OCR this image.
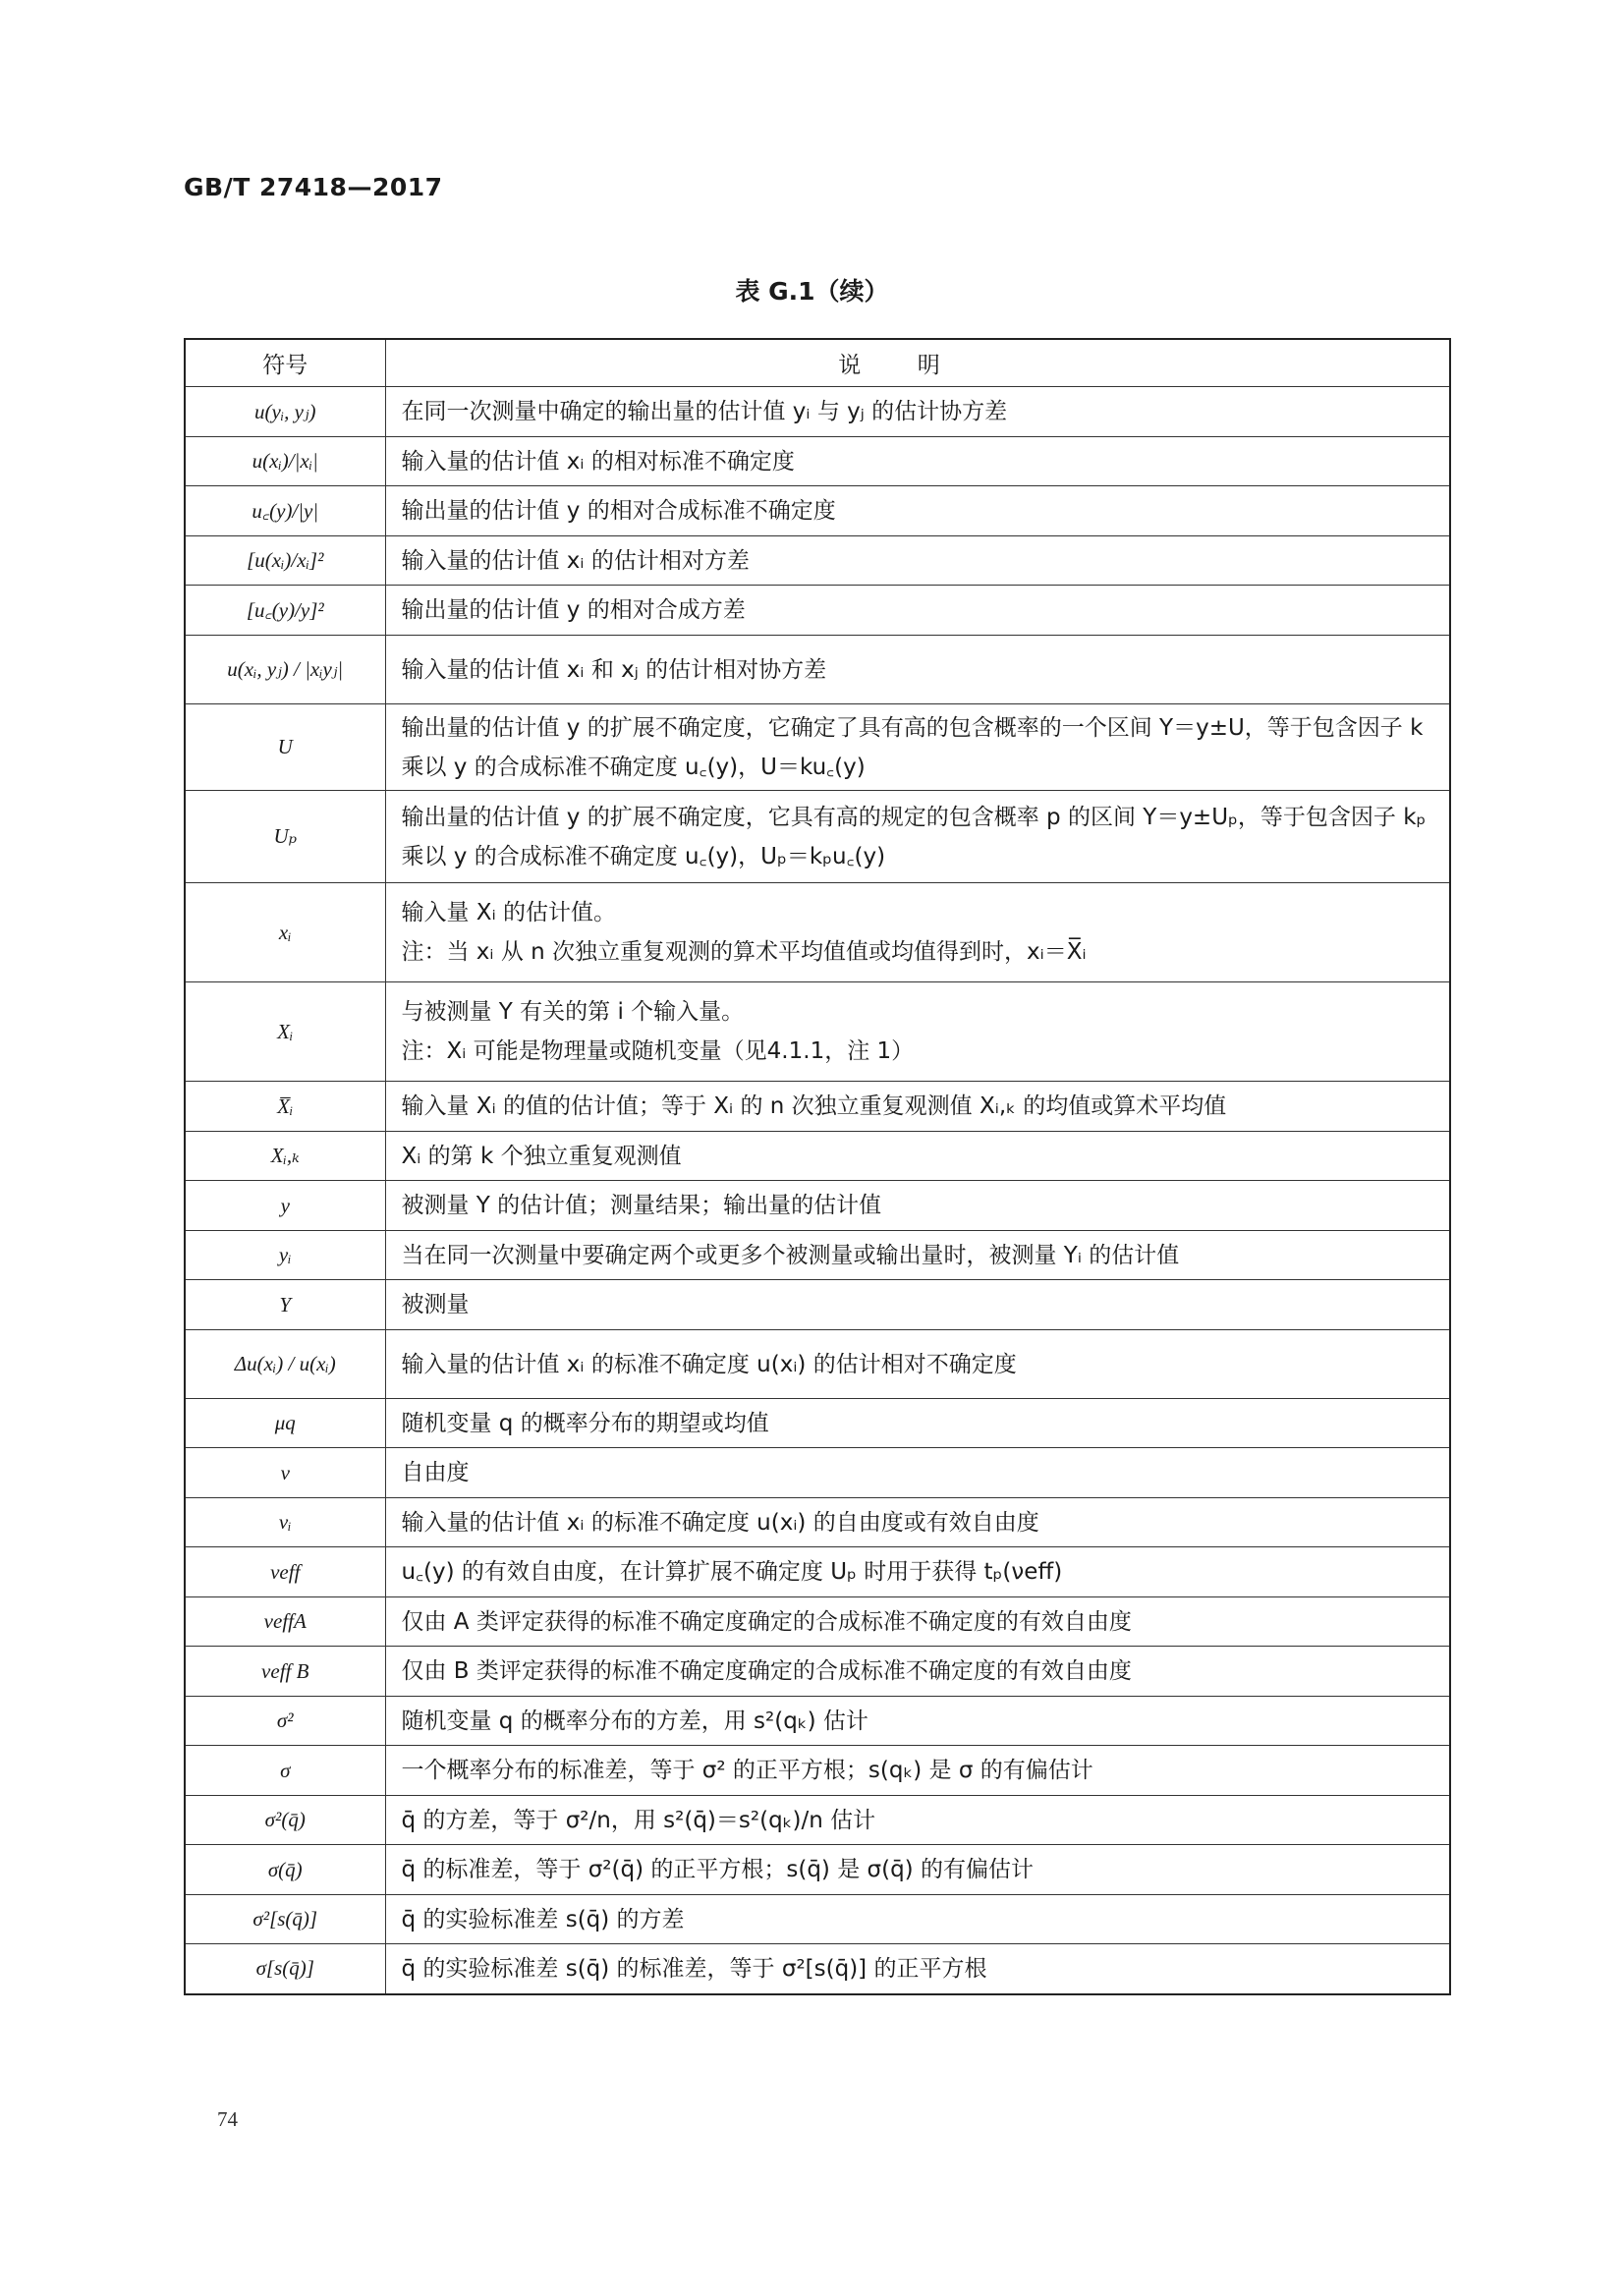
GB/T 27418—2017
表 G.1（续）
符号	说明
u(yᵢ, yⱼ)	在同一次测量中确定的输出量的估计值 yᵢ 与 yⱼ 的估计协方差

u(xᵢ)/|xᵢ|	输入量的估计值 xᵢ 的相对标准不确定度

u꜀(y)/|y|	输出量的估计值 y 的相对合成标准不确定度

[u(xᵢ)/xᵢ]²	输入量的估计值 xᵢ 的估计相对方差

[u꜀(y)/y]²	输出量的估计值 y 的相对合成方差

u(xᵢ, yⱼ) / |xᵢyⱼ|	输入量的估计值 xᵢ 和 xⱼ 的估计相对协方差

U	输出量的估计值 y 的扩展不确定度，它确定了具有高的包含概率的一个区间 Y＝y±U，等于包含因子 k 乘以 y 的合成标准不确定度 u꜀(y)，U＝ku꜀(y)

Uₚ	输出量的估计值 y 的扩展不确定度，它具有高的规定的包含概率 p 的区间 Y＝y±Uₚ，等于包含因子 kₚ 乘以 y 的合成标准不确定度 u꜀(y)，Uₚ＝kₚu꜀(y)

xᵢ	输入量 Xᵢ 的估计值。
注：当 xᵢ 从 n 次独立重复观测的算术平均值值或均值得到时，xᵢ＝X̅ᵢ

Xᵢ	与被测量 Y 有关的第 i 个输入量。
注：Xᵢ 可能是物理量或随机变量（见4.1.1，注 1）

X̅ᵢ	输入量 Xᵢ 的值的估计值；等于 Xᵢ 的 n 次独立重复观测值 Xᵢ,ₖ 的均值或算术平均值

Xᵢ,ₖ	Xᵢ 的第 k 个独立重复观测值

y	被测量 Y 的估计值；测量结果；输出量的估计值

yᵢ	当在同一次测量中要确定两个或更多个被测量或输出量时，被测量 Yᵢ 的估计值

Y	被测量

Δu(xᵢ) / u(xᵢ)	输入量的估计值 xᵢ 的标准不确定度 u(xᵢ) 的估计相对不确定度

μq	随机变量 q 的概率分布的期望或均值

ν	自由度

νᵢ	输入量的估计值 xᵢ 的标准不确定度 u(xᵢ) 的自由度或有效自由度

νeff	u꜀(y) 的有效自由度，在计算扩展不确定度 Uₚ 时用于获得 tₚ(νeff)

νeffA	仅由 A 类评定获得的标准不确定度确定的合成标准不确定度的有效自由度

νeff B	仅由 B 类评定获得的标准不确定度确定的合成标准不确定度的有效自由度

σ²	随机变量 q 的概率分布的方差，用 s²(qₖ) 估计

σ	一个概率分布的标准差，等于 σ² 的正平方根；s(qₖ) 是 σ 的有偏估计

σ²(q̄)	q̄ 的方差，等于 σ²/n，用 s²(q̄)＝s²(qₖ)/n 估计

σ(q̄)	q̄ 的标准差，等于 σ²(q̄) 的正平方根；s(q̄) 是 σ(q̄) 的有偏估计

σ²[s(q̄)]	q̄ 的实验标准差 s(q̄) 的方差

σ[s(q̄)]	q̄ 的实验标准差 s(q̄) 的标准差，等于 σ²[s(q̄)] 的正平方根
74
